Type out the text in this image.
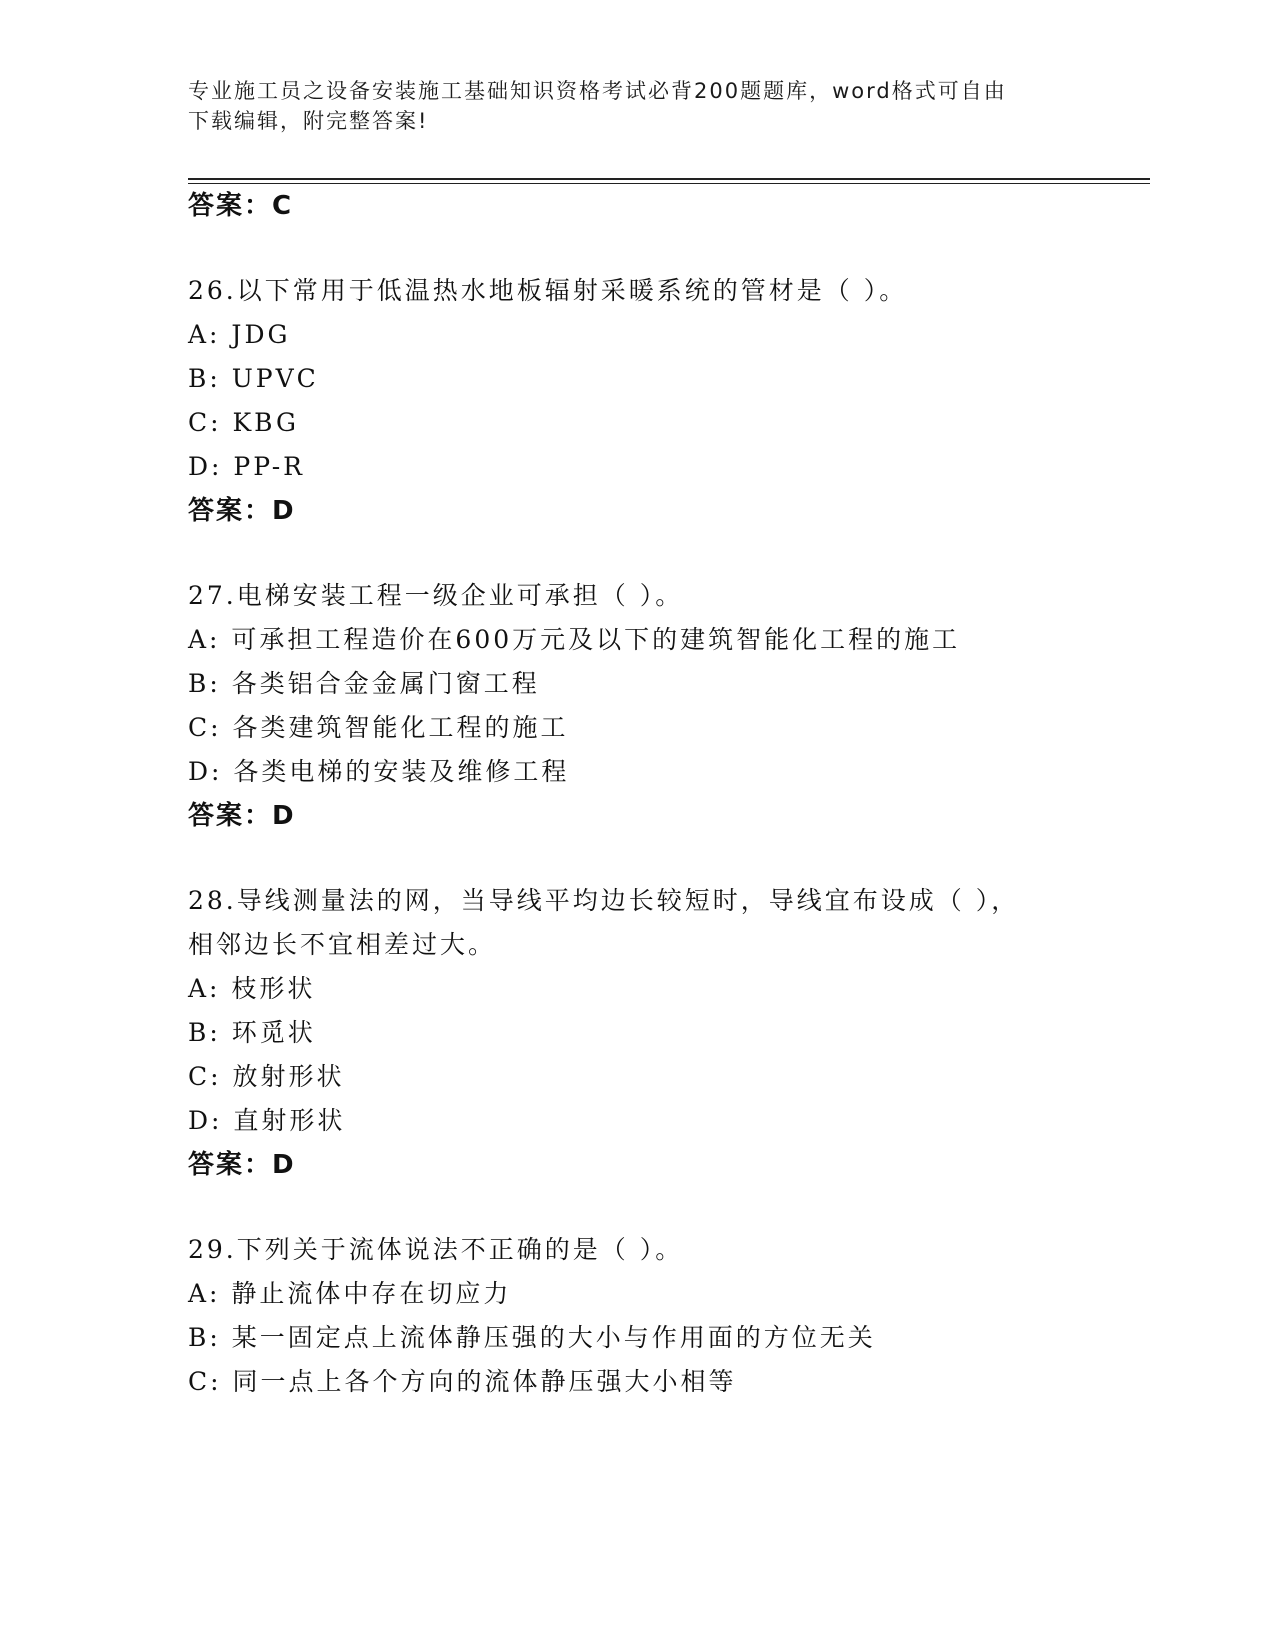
专业施工员之设备安装施工基础知识资格考试必背200题题库，word格式可自由
下载编辑，附完整答案!
答案：C
26.以下常用于低温热水地板辐射采暖系统的管材是（ ）。
A: JDG
B: UPVC
C: KBG
D: PP-R
答案：D
27.电梯安装工程一级企业可承担（ ）。
A: 可承担工程造价在600万元及以下的建筑智能化工程的施工
B: 各类铝合金金属门窗工程
C: 各类建筑智能化工程的施工
D: 各类电梯的安装及维修工程
答案：D
28.导线测量法的网，当导线平均边长较短时，导线宜布设成（ ），
相邻边长不宜相差过大。
A: 枝形状
B: 环觅状
C: 放射形状
D: 直射形状
答案：D
29.下列关于流体说法不正确的是（ ）。
A: 静止流体中存在切应力
B: 某一固定点上流体静压强的大小与作用面的方位无关
C: 同一点上各个方向的流体静压强大小相等
